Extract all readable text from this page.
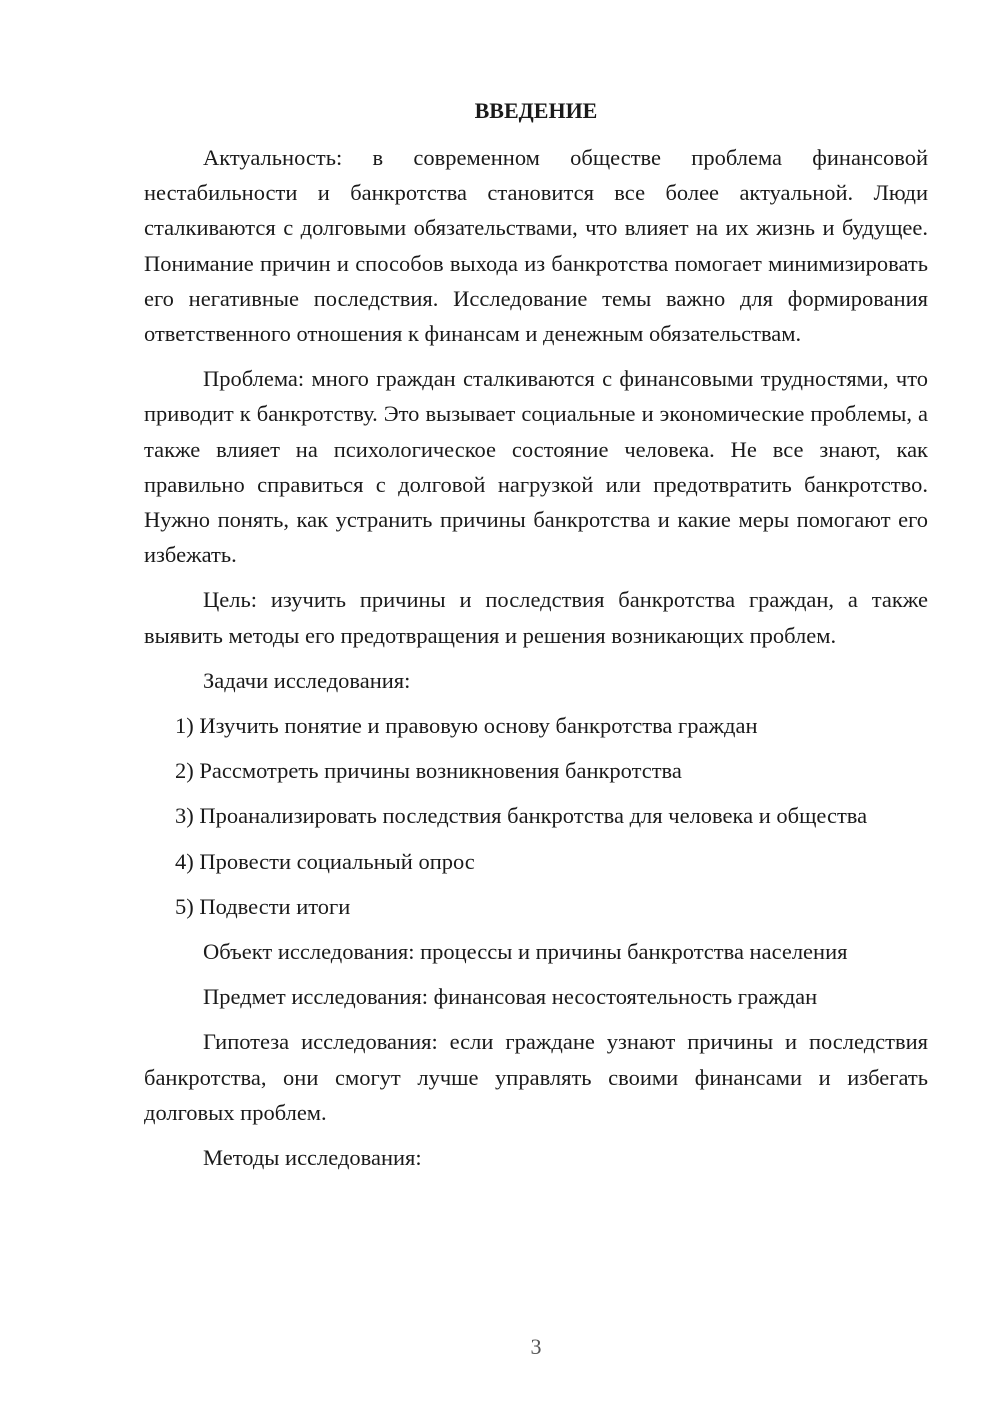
ВВЕДЕНИЕ

Актуальность: в современном обществе проблема финансовой нестабильности и банкротства становится все более актуальной. Люди сталкиваются с долговыми обязательствами, что влияет на их жизнь и будущее. Понимание причин и способов выхода из банкротства помогает минимизировать его негативные последствия. Исследование темы важно для формирования ответственного отношения к финансам и денежным обязательствам.

Проблема: много граждан сталкиваются с финансовыми трудностями, что приводит к банкротству. Это вызывает социальные и экономические проблемы, а также влияет на психологическое состояние человека. Не все знают, как правильно справиться с долговой нагрузкой или предотвратить банкротство. Нужно понять, как устранить причины банкротства и какие меры помогают его избежать.

Цель: изучить причины и последствия банкротства граждан, а также выявить методы его предотвращения и решения возникающих проблем.

Задачи исследования:

1) Изучить понятие и правовую основу банкротства граждан

2) Рассмотреть причины возникновения банкротства

3) Проанализировать последствия банкротства для человека и общества

4) Провести социальный опрос

5) Подвести итоги

Объект исследования: процессы и причины банкротства населения

Предмет исследования: финансовая несостоятельность граждан

Гипотеза исследования: если граждане узнают причины и последствия банкротства, они смогут лучше управлять своими финансами и избегать долговых проблем.

Методы исследования:

3
